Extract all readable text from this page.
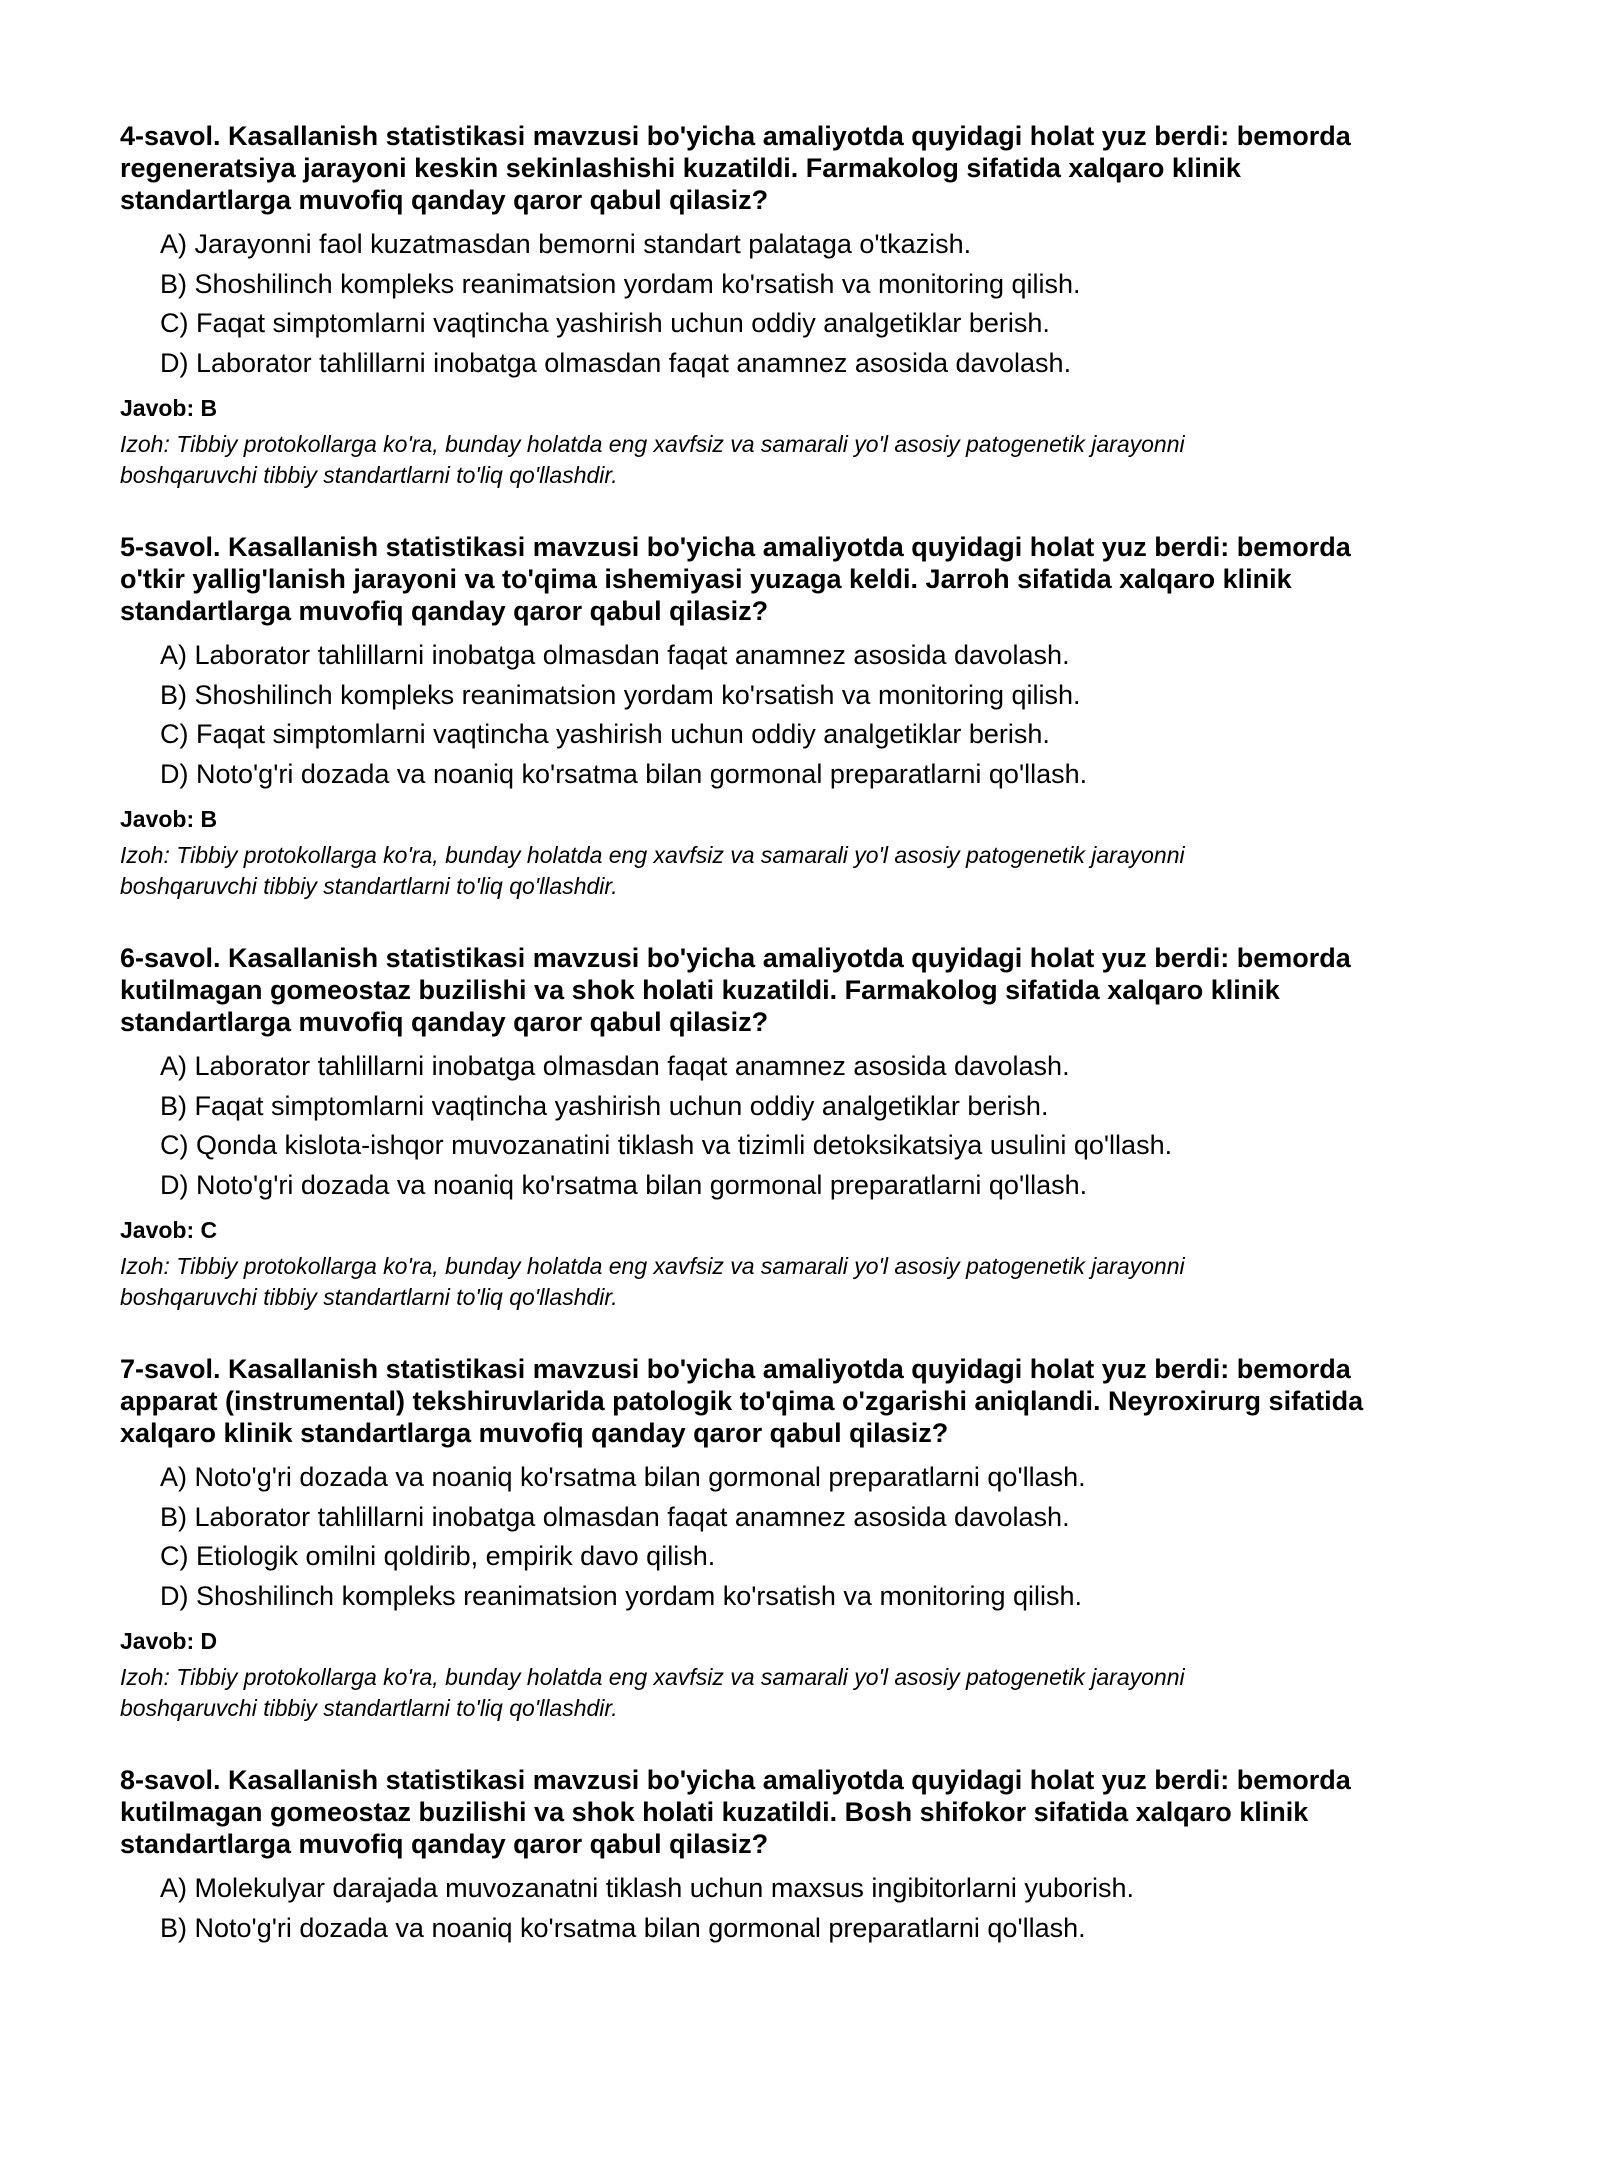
4-savol. Kasallanish statistikasi mavzusi bo'yicha amaliyotda quyidagi holat yuz berdi: bemorda
regeneratsiya jarayoni keskin sekinlashishi kuzatildi. Farmakolog sifatida xalqaro klinik
standartlarga muvofiq qanday qaror qabul qilasiz?

A) Jarayonni faol kuzatmasdan bemorni standart palataga o'tkazish.
B) Shoshilinch kompleks reanimatsion yordam ko'rsatish va monitoring qilish.
C) Faqat simptomlarni vaqtincha yashirish uchun oddiy analgetiklar berish.
D) Laborator tahlillarni inobatga olmasdan faqat anamnez asosida davolash.

Javob: B

Izoh: Tibbiy protokollarga ko'ra, bunday holatda eng xavfsiz va samarali yo'l asosiy patogenetik jarayonni
boshqaruvchi tibbiy standartlarni to'liq qo'llashdir.

5-savol. Kasallanish statistikasi mavzusi bo'yicha amaliyotda quyidagi holat yuz berdi: bemorda
o'tkir yallig'lanish jarayoni va to'qima ishemiyasi yuzaga keldi. Jarroh sifatida xalqaro klinik
standartlarga muvofiq qanday qaror qabul qilasiz?

A) Laborator tahlillarni inobatga olmasdan faqat anamnez asosida davolash.
B) Shoshilinch kompleks reanimatsion yordam ko'rsatish va monitoring qilish.
C) Faqat simptomlarni vaqtincha yashirish uchun oddiy analgetiklar berish.
D) Noto'g'ri dozada va noaniq ko'rsatma bilan gormonal preparatlarni qo'llash.

Javob: B

Izoh: Tibbiy protokollarga ko'ra, bunday holatda eng xavfsiz va samarali yo'l asosiy patogenetik jarayonni
boshqaruvchi tibbiy standartlarni to'liq qo'llashdir.

6-savol. Kasallanish statistikasi mavzusi bo'yicha amaliyotda quyidagi holat yuz berdi: bemorda
kutilmagan gomeostaz buzilishi va shok holati kuzatildi. Farmakolog sifatida xalqaro klinik
standartlarga muvofiq qanday qaror qabul qilasiz?

A) Laborator tahlillarni inobatga olmasdan faqat anamnez asosida davolash.
B) Faqat simptomlarni vaqtincha yashirish uchun oddiy analgetiklar berish.
C) Qonda kislota-ishqor muvozanatini tiklash va tizimli detoksikatsiya usulini qo'llash.
D) Noto'g'ri dozada va noaniq ko'rsatma bilan gormonal preparatlarni qo'llash.

Javob: C

Izoh: Tibbiy protokollarga ko'ra, bunday holatda eng xavfsiz va samarali yo'l asosiy patogenetik jarayonni
boshqaruvchi tibbiy standartlarni to'liq qo'llashdir.

7-savol. Kasallanish statistikasi mavzusi bo'yicha amaliyotda quyidagi holat yuz berdi: bemorda
apparat (instrumental) tekshiruvlarida patologik to'qima o'zgarishi aniqlandi. Neyroxirurg sifatida
xalqaro klinik standartlarga muvofiq qanday qaror qabul qilasiz?

A) Noto'g'ri dozada va noaniq ko'rsatma bilan gormonal preparatlarni qo'llash.
B) Laborator tahlillarni inobatga olmasdan faqat anamnez asosida davolash.
C) Etiologik omilni qoldirib, empirik davo qilish.
D) Shoshilinch kompleks reanimatsion yordam ko'rsatish va monitoring qilish.

Javob: D

Izoh: Tibbiy protokollarga ko'ra, bunday holatda eng xavfsiz va samarali yo'l asosiy patogenetik jarayonni
boshqaruvchi tibbiy standartlarni to'liq qo'llashdir.

8-savol. Kasallanish statistikasi mavzusi bo'yicha amaliyotda quyidagi holat yuz berdi: bemorda
kutilmagan gomeostaz buzilishi va shok holati kuzatildi. Bosh shifokor sifatida xalqaro klinik
standartlarga muvofiq qanday qaror qabul qilasiz?

A) Molekulyar darajada muvozanatni tiklash uchun maxsus ingibitorlarni yuborish.
B) Noto'g'ri dozada va noaniq ko'rsatma bilan gormonal preparatlarni qo'llash.
